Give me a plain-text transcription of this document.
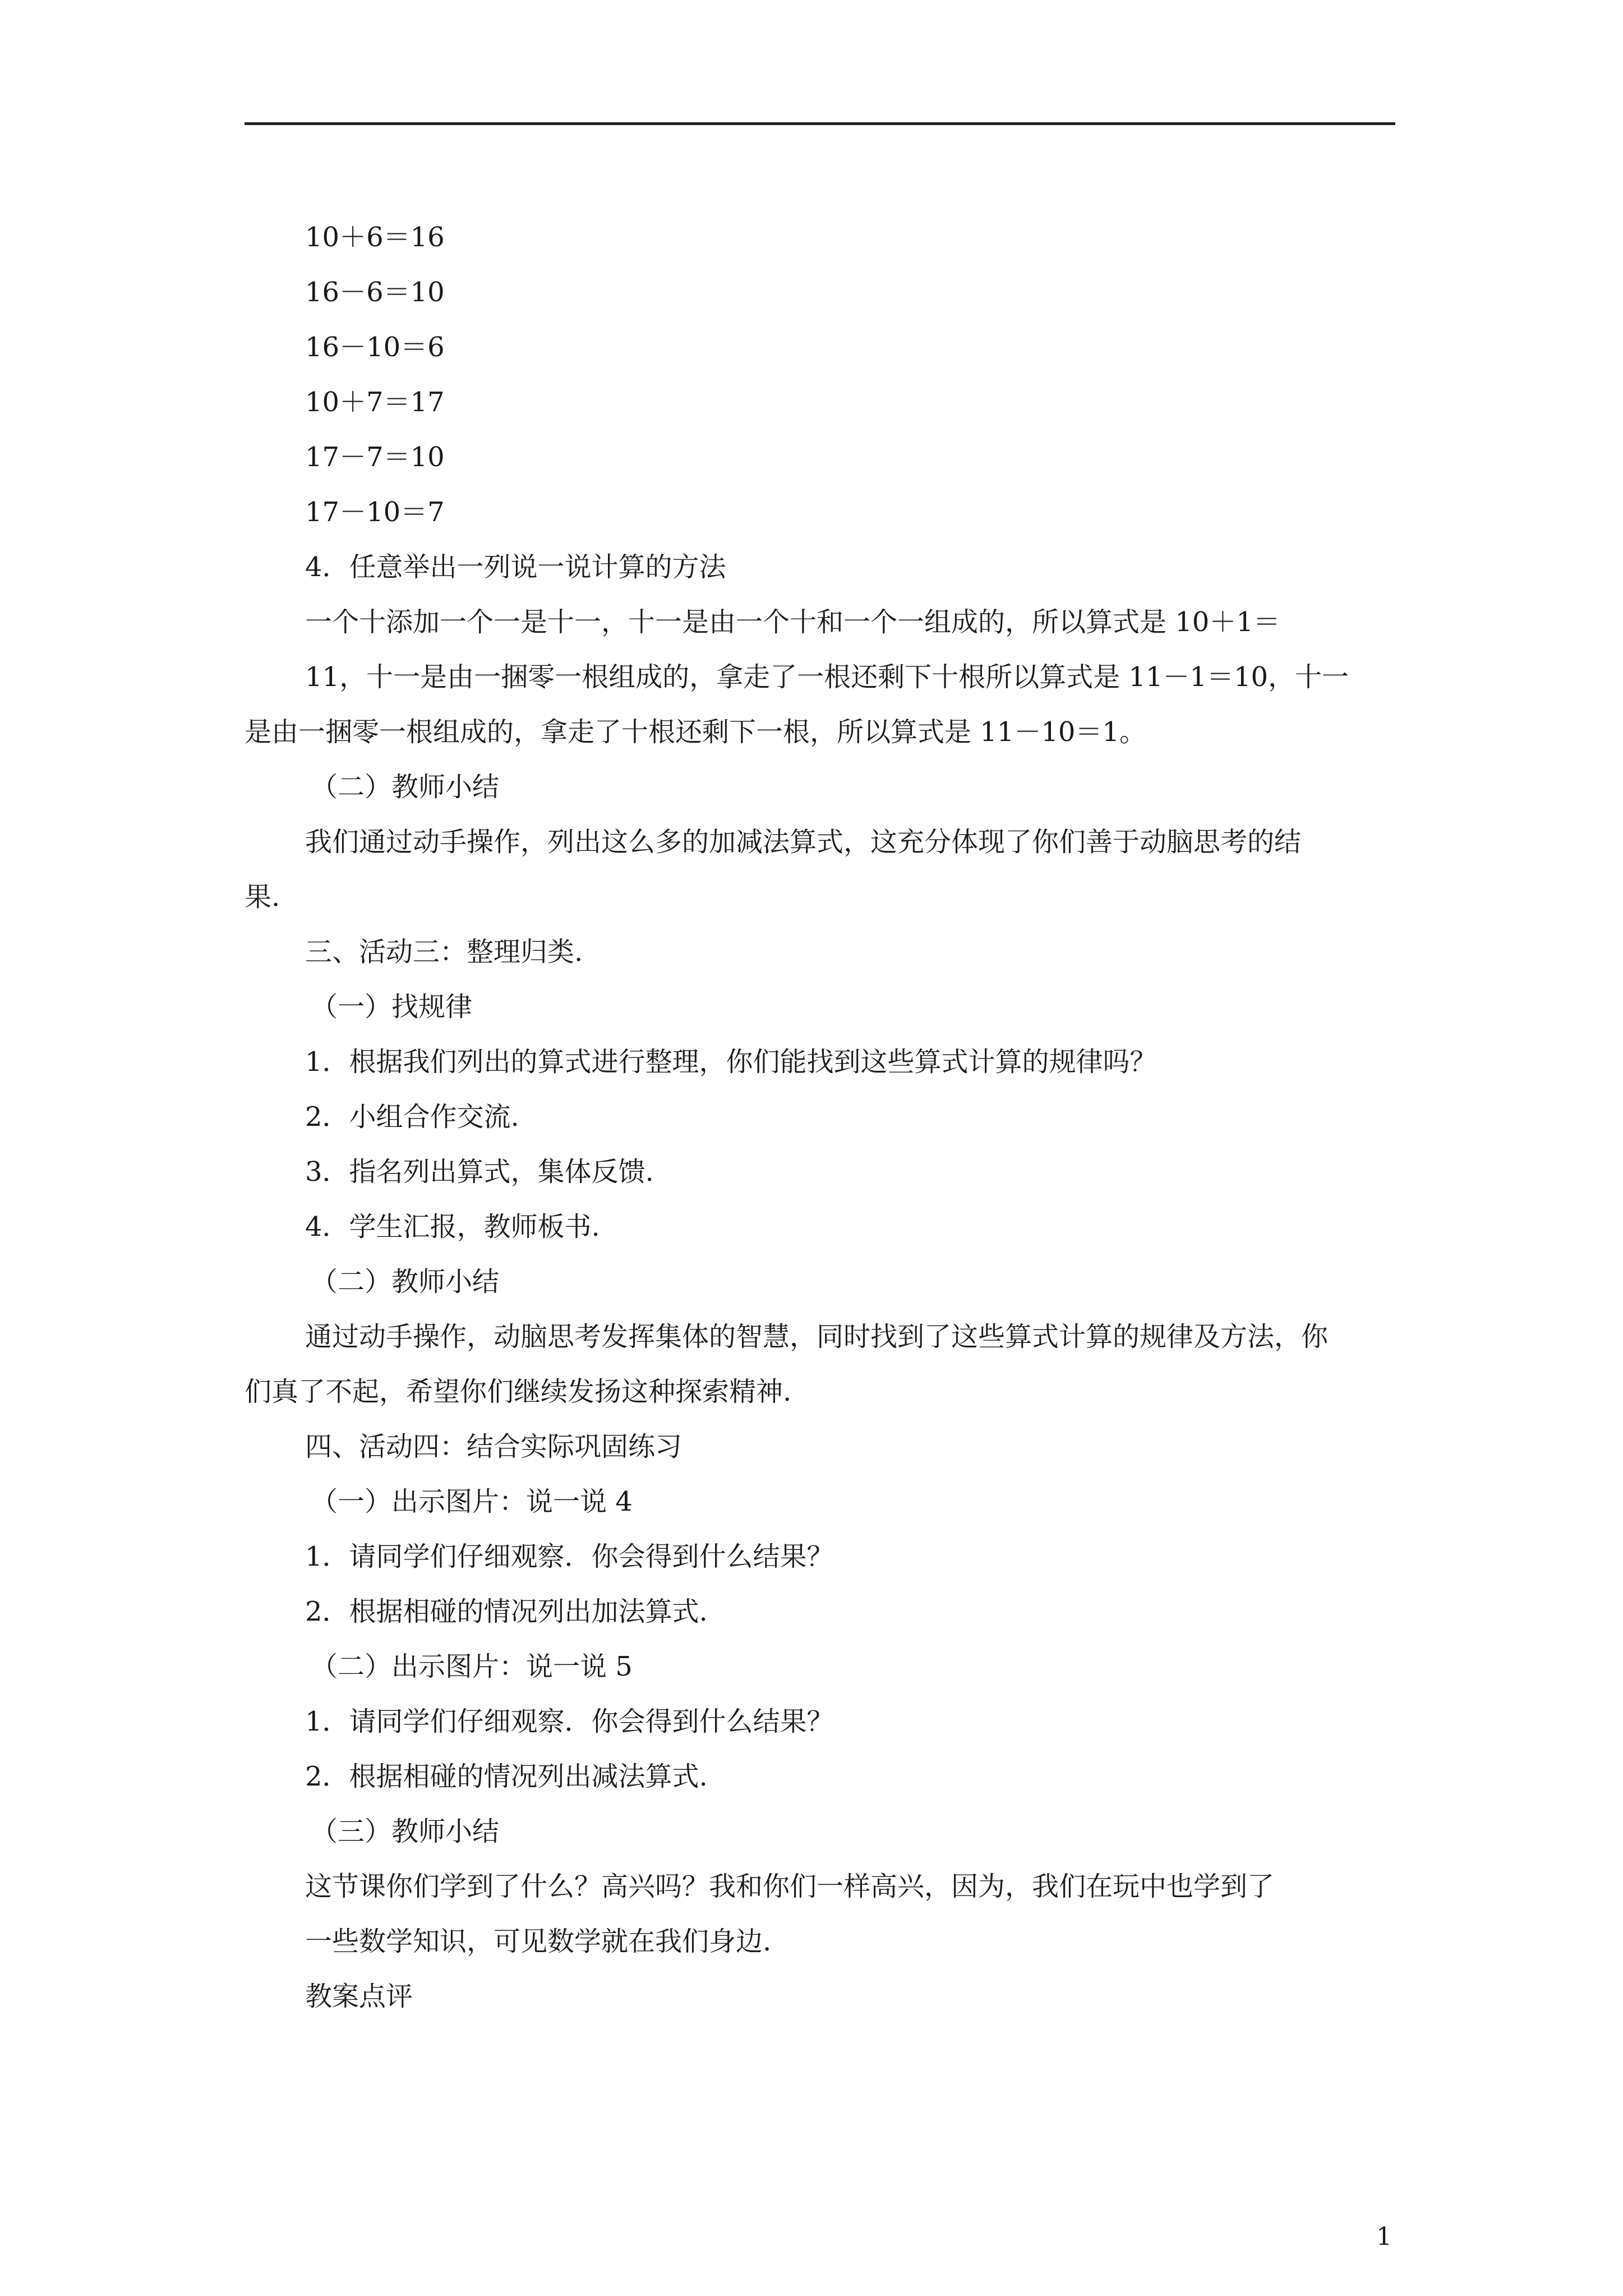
10＋6＝16
16－6＝10
16－10＝6
10＋7＝17
17－7＝10
17－10＝7
4．任意举出一列说一说计算的方法
一个十添加一个一是十一，十一是由一个十和一个一组成的，所以算式是 10＋1＝
11，十一是由一捆零一根组成的，拿走了一根还剩下十根所以算式是 11－1＝10，十一
是由一捆零一根组成的，拿走了十根还剩下一根，所以算式是 11－10＝1。
（二）教师小结
我们通过动手操作，列出这么多的加减法算式，这充分体现了你们善于动脑思考的结
果.
三、活动三：整理归类.
（一）找规律
1．根据我们列出的算式进行整理，你们能找到这些算式计算的规律吗？
2．小组合作交流.
3．指名列出算式，集体反馈.
4．学生汇报，教师板书.
（二）教师小结
通过动手操作，动脑思考发挥集体的智慧，同时找到了这些算式计算的规律及方法，你
们真了不起，希望你们继续发扬这种探索精神.
四、活动四：结合实际巩固练习
（一）出示图片：说一说 4
1．请同学们仔细观察．你会得到什么结果？
2．根据相碰的情况列出加法算式.
（二）出示图片：说一说 5
1．请同学们仔细观察．你会得到什么结果？
2．根据相碰的情况列出减法算式.
（三）教师小结
这节课你们学到了什么？高兴吗？我和你们一样高兴，因为，我们在玩中也学到了
一些数学知识，可见数学就在我们身边.
教案点评
1
